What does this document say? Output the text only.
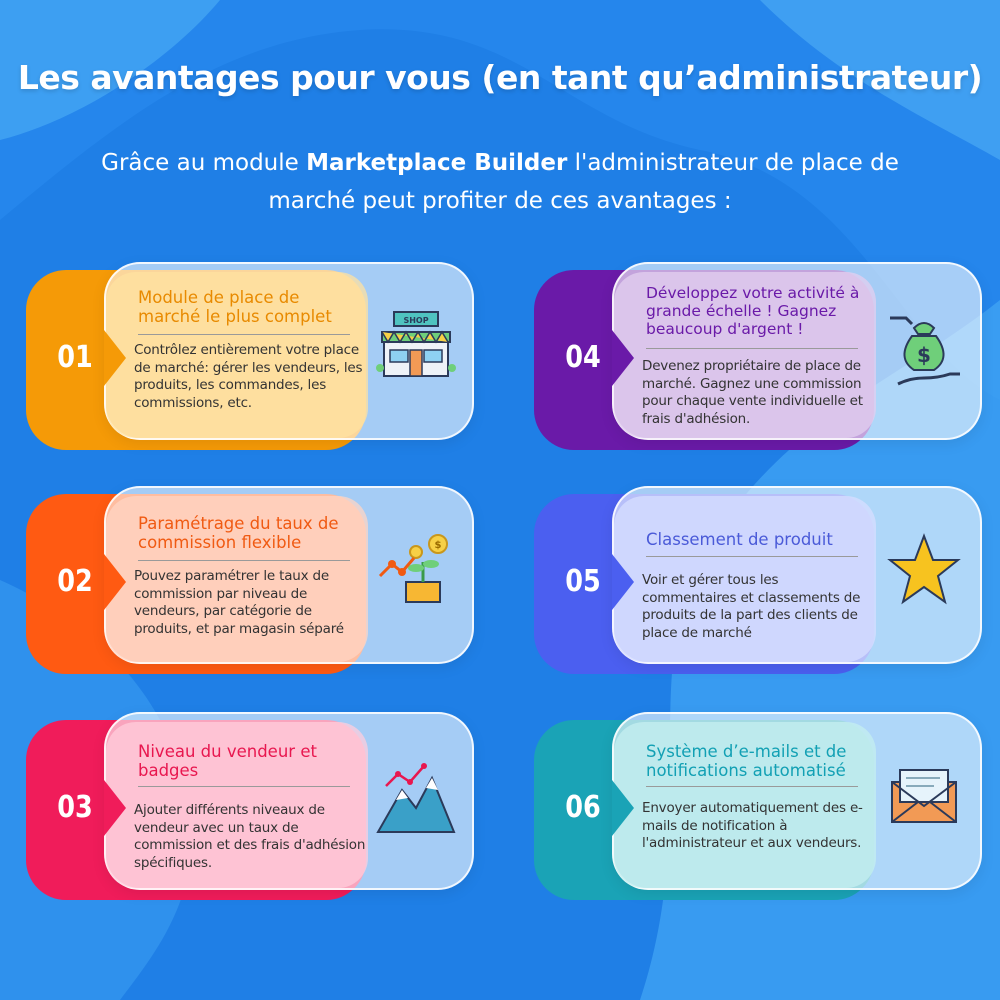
Les avantages pour vous (en tant qu’administrateur)
Grâce au module Marketplace Builder l'administrateur de place de marché peut profiter de ces avantages :
01
Module de place de marché le plus complet
Contrôlez entièrement votre place de marché: gérer les vendeurs, les produits, les commandes, les commissions, etc.
SHOP
02
Paramétrage du taux de commission flexible
Pouvez paramétrer le taux de commission par niveau de vendeurs, par catégorie de produits, et par magasin séparé
$
03
Niveau du vendeur et badges
Ajouter différents niveaux de vendeur avec un taux de commission et des frais d'adhésion spécifiques.
04
Développez votre activité à grande échelle ! Gagnez beaucoup d'argent !
Devenez propriétaire de place de marché. Gagnez une commission pour chaque vente individuelle et frais d'adhésion.
$
05
Classement de produit
Voir et gérer tous les commentaires et classements de produits de la part des clients de place de marché
06
Système d’e-mails et de notifications automatisé
Envoyer automatiquement des e-mails de notification à l'administrateur et aux vendeurs.
